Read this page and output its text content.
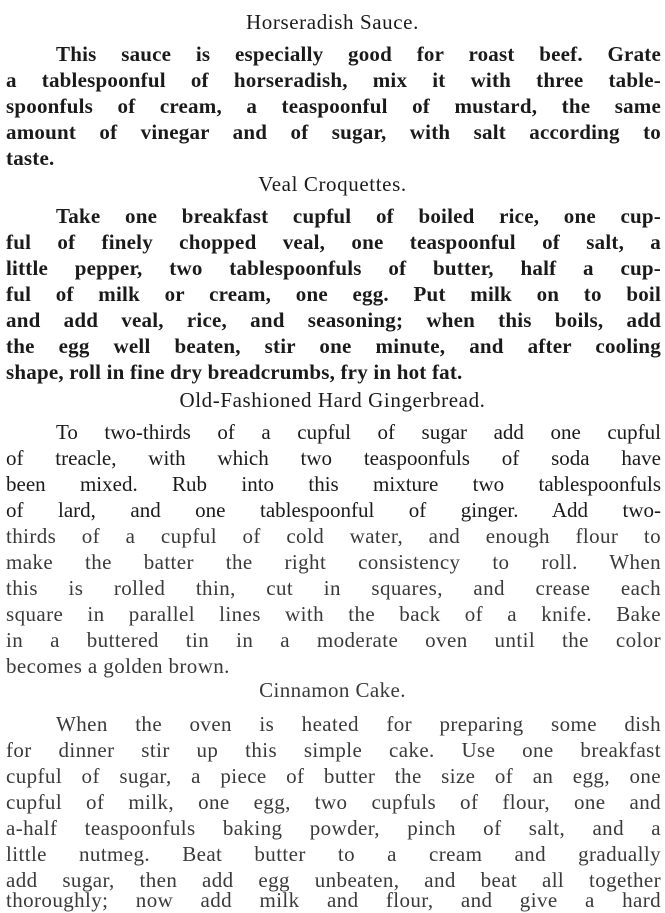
Horseradish Sauce.
This sauce is especially good for roast beef. Grate
a tablespoonful of horseradish, mix it with three table-
spoonfuls of cream, a teaspoonful of mustard, the same
amount of vinegar and of sugar, with salt according to
taste.
Veal Croquettes.
Take one breakfast cupful of boiled rice, one cup-
ful of finely chopped veal, one teaspoonful of salt, a
little pepper, two tablespoonfuls of butter, half a cup-
ful of milk or cream, one egg. Put milk on to boil
and add veal, rice, and seasoning; when this boils, add
the egg well beaten, stir one minute, and after cooling
shape, roll in fine dry breadcrumbs, fry in hot fat.
Old-Fashioned Hard Gingerbread.
To two-thirds of a cupful of sugar add one cupful
of treacle, with which two teaspoonfuls of soda have
been mixed. Rub into this mixture two tablespoonfuls
of lard, and one tablespoonful of ginger. Add two-
thirds of a cupful of cold water, and enough flour to
make the batter the right consistency to roll. When
this is rolled thin, cut in squares, and crease each
square in parallel lines with the back of a knife. Bake
in a buttered tin in a moderate oven until the color
becomes a golden brown.
Cinnamon Cake.
When the oven is heated for preparing some dish
for dinner stir up this simple cake. Use one breakfast
cupful of sugar, a piece of butter the size of an egg, one
cupful of milk, one egg, two cupfuls of flour, one and
a-half teaspoonfuls baking powder, pinch of salt, and a
little nutmeg. Beat butter to a cream and gradually
add sugar, then add egg unbeaten, and beat all together
thoroughly; now add milk and flour, and give a hard
